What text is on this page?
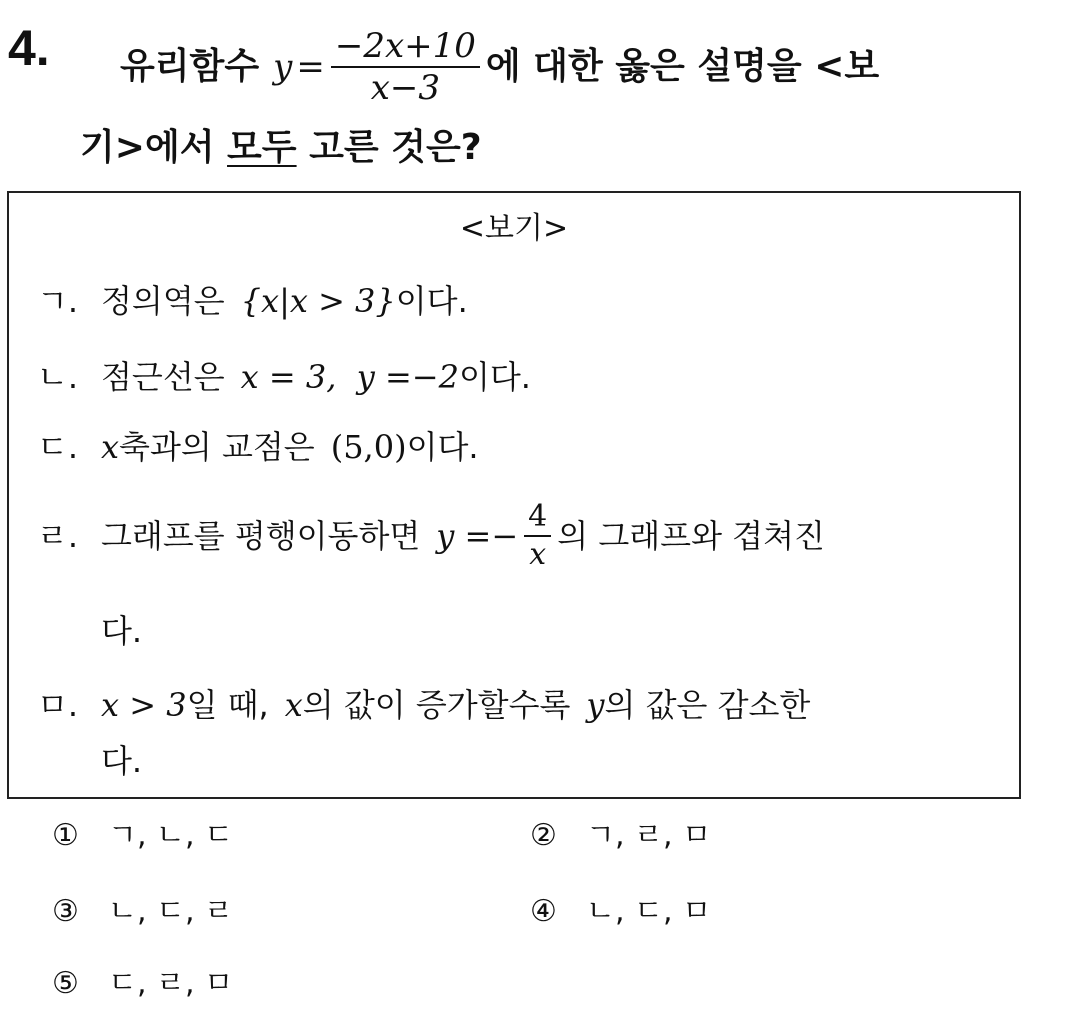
4. 유리함수 $y = \frac{-2x+10}{x-3}$ 에 대한 옳은 설명을 <보
기>에서 모두 고른 것은?
<보기>
ㄱ. 정의역은 {x|x > 3} 이다.
ㄴ. 점근선은 x = 3,  y =−2 이다.
ㄷ. x 축과의 교점은 (5,0) 이다.
ㄹ. 그래프를 평행이동하면 $y =- \frac{4}{x}$ 의 그래프와 겹쳐진
다.
ㅁ. x > 3 일 때, x 의 값이 증가할수록 y 의 값은 감소한
다.
① ㄱ, ㄴ, ㄷ	② ㄱ, ㄹ, ㅁ
③ ㄴ, ㄷ, ㄹ	④ ㄴ, ㄷ, ㅁ
⑤ ㄷ, ㄹ, ㅁ
